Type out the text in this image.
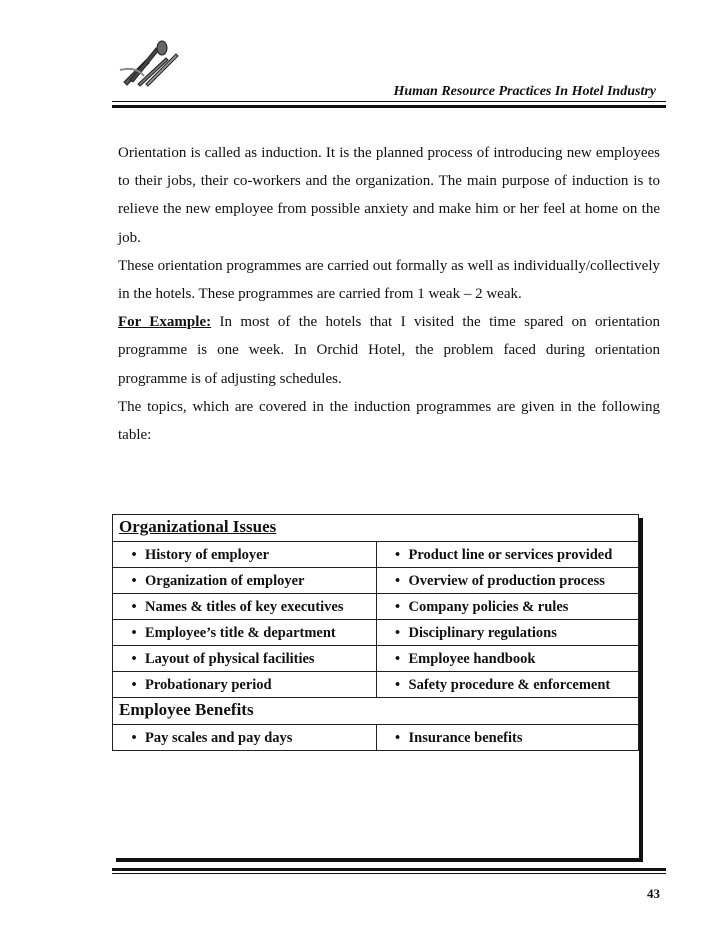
Human Resource Practices In Hotel Industry

Orientation is called as induction. It is the planned process of introducing new employees to their jobs, their co-workers and the organization. The main purpose of induction is to relieve the new employee from possible anxiety and make him or her feel at home on the job.

These orientation programmes are carried out formally as well as individually/collectively in the hotels. These programmes are carried from 1 weak – 2 weak.

For Example: In most of the hotels that I visited the time spared on orientation programme is one week. In Orchid Hotel, the problem faced during orientation programme is of adjusting schedules.

The topics, which are covered in the induction programmes are given in the following table:

Organizational Issues	
• History of employer	• Product line or services provided
• Organization of employer	• Overview of production process
• Names & titles of key executives	• Company policies & rules
• Employee’s title & department	• Disciplinary regulations
• Layout of physical facilities	• Employee handbook
• Probationary period	• Safety procedure & enforcement
Employee Benefits	
• Pay scales and pay days	• Insurance benefits
43
